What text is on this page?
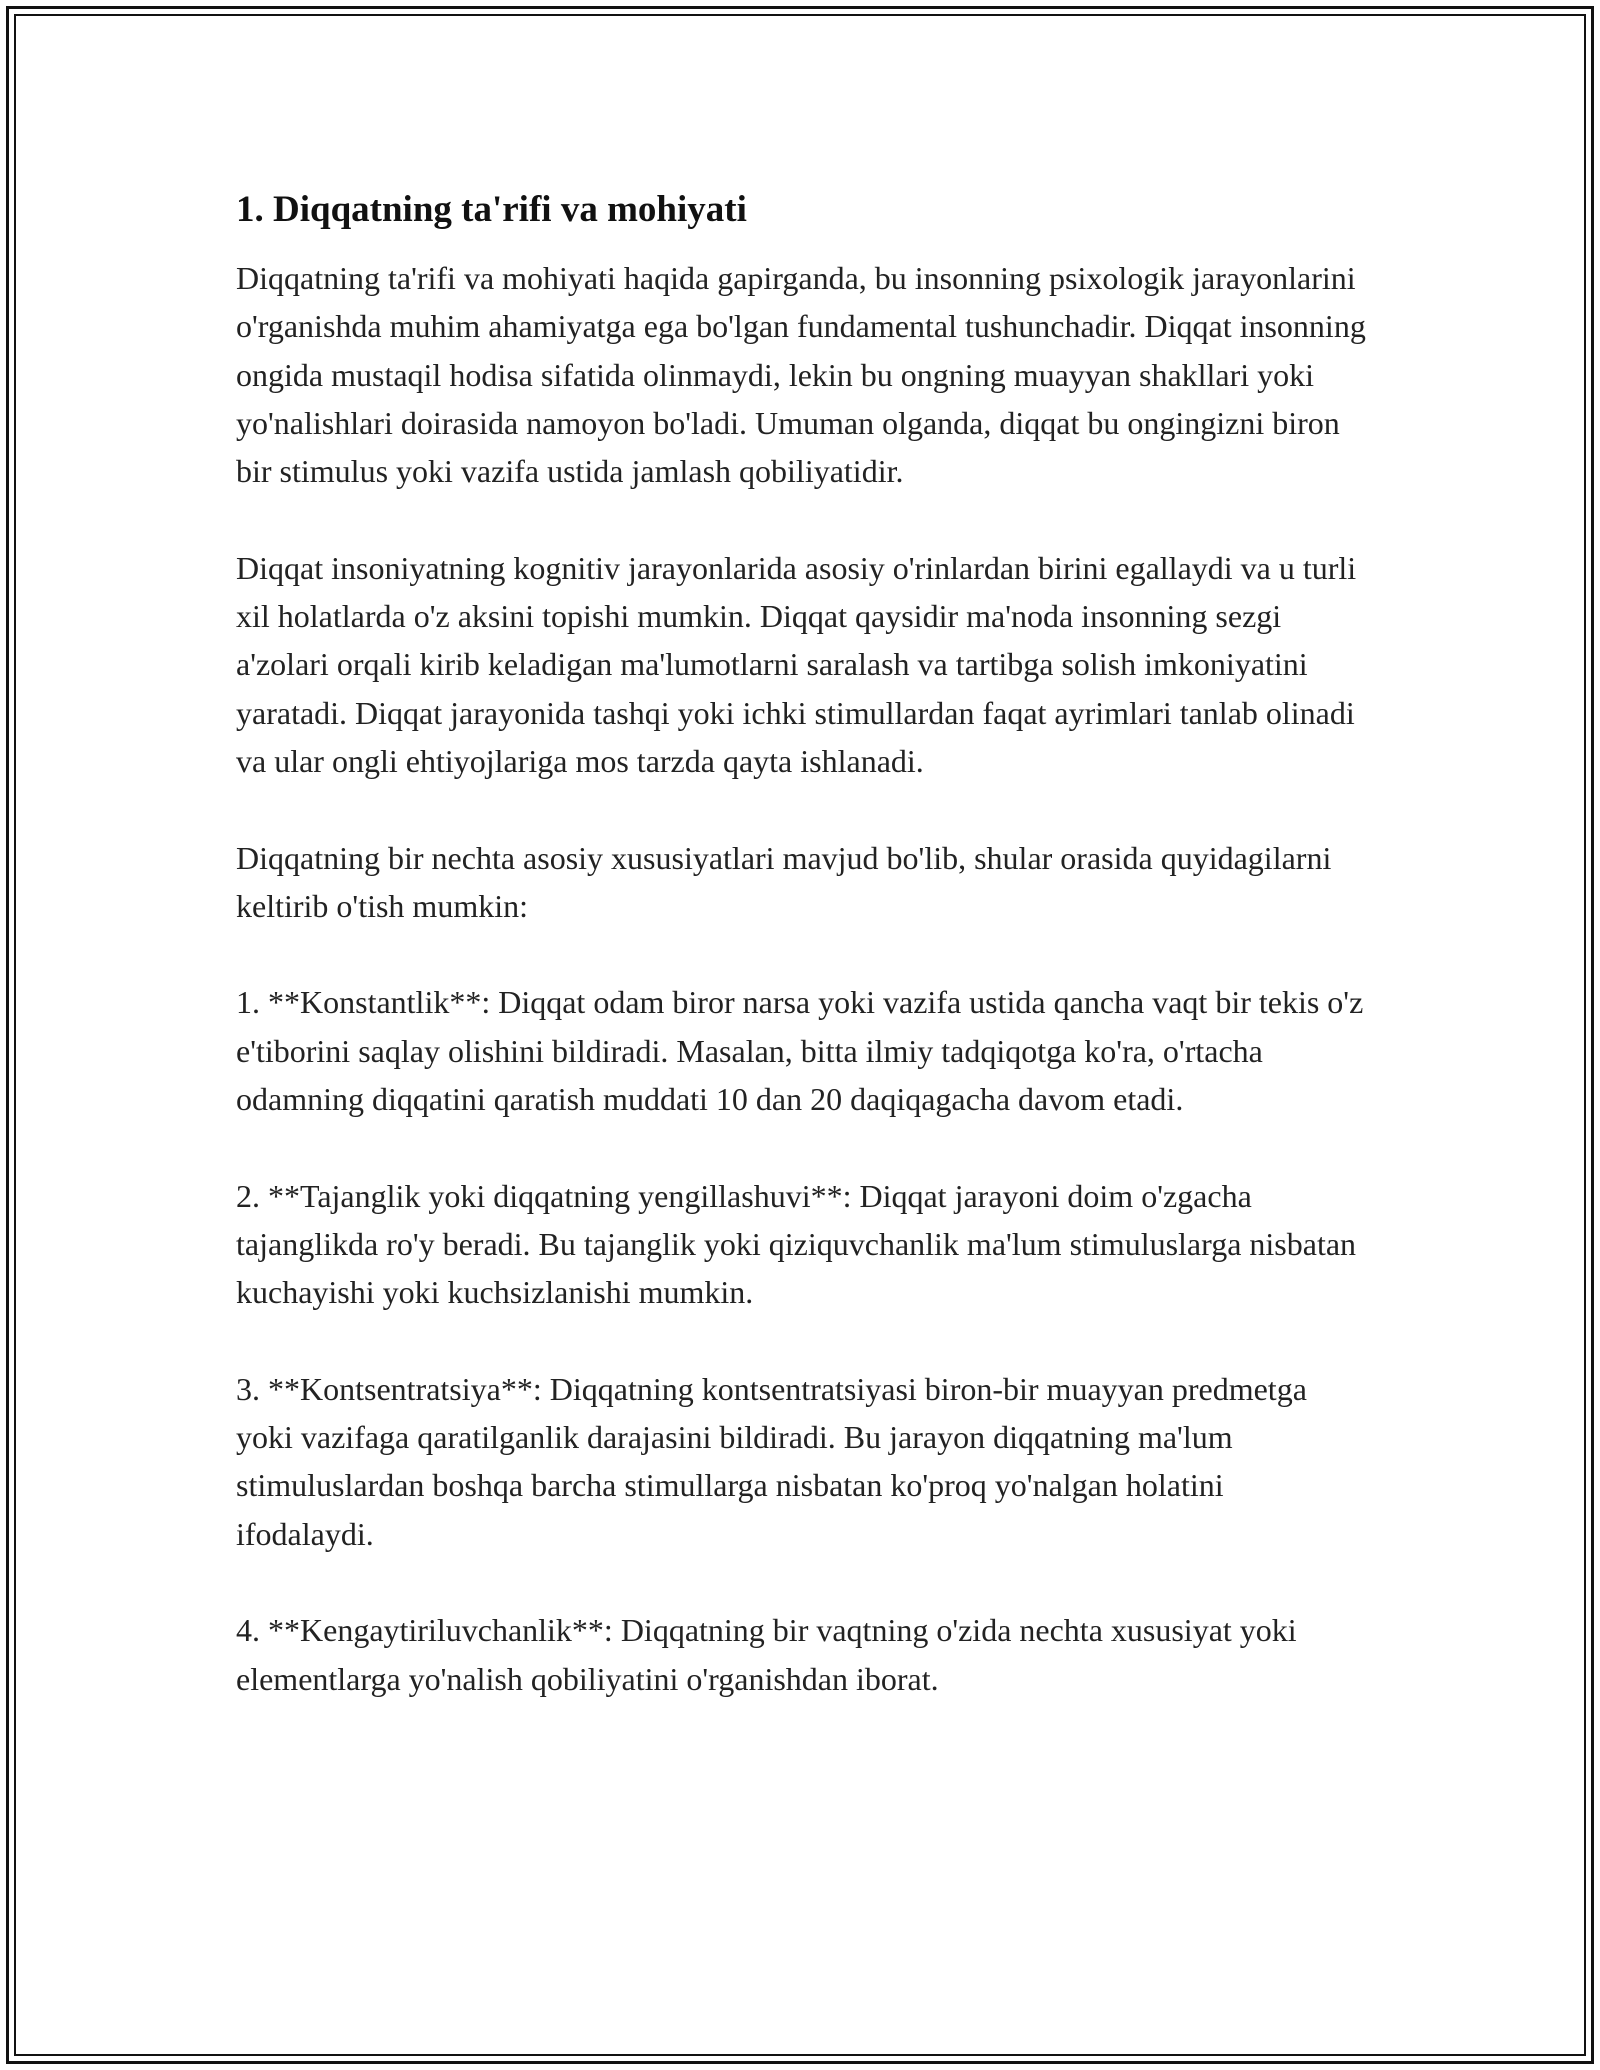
1. Diqqatning ta'rifi va mohiyati

Diqqatning ta'rifi va mohiyati haqida gapirganda, bu insonning psixologik jarayonlarini o'rganishda muhim ahamiyatga ega bo'lgan fundamental tushunchadir. Diqqat insonning ongida mustaqil hodisa sifatida olinmaydi, lekin bu ongning muayyan shakllari yoki yo'nalishlari doirasida namoyon bo'ladi. Umuman olganda, diqqat bu ongingizni biron bir stimulus yoki vazifa ustida jamlash qobiliyatidir.

Diqqat insoniyatning kognitiv jarayonlarida asosiy o'rinlardan birini egallaydi va u turli xil holatlarda o'z aksini topishi mumkin. Diqqat qaysidir ma'noda insonning sezgi a'zolari orqali kirib keladigan ma'lumotlarni saralash va tartibga solish imkoniyatini yaratadi. Diqqat jarayonida tashqi yoki ichki stimullardan faqat ayrimlari tanlab olinadi va ular ongli ehtiyojlariga mos tarzda qayta ishlanadi.

Diqqatning bir nechta asosiy xususiyatlari mavjud bo'lib, shular orasida quyidagilarni keltirib o'tish mumkin:

1. **Konstantlik**: Diqqat odam biror narsa yoki vazifa ustida qancha vaqt bir tekis o'z e'tiborini saqlay olishini bildiradi. Masalan, bitta ilmiy tadqiqotga ko'ra, o'rtacha odamning diqqatini qaratish muddati 10 dan 20 daqiqagacha davom etadi.

2. **Tajanglik yoki diqqatning yengillashuvi**: Diqqat jarayoni doim o'zgacha tajanglikda ro'y beradi. Bu tajanglik yoki qiziquvchanlik ma'lum stimuluslarga nisbatan kuchayishi yoki kuchsizlanishi mumkin.

3. **Kontsentratsiya**: Diqqatning kontsentratsiyasi biron-bir muayyan predmetga yoki vazifaga qaratilganlik darajasini bildiradi. Bu jarayon diqqatning ma'lum stimuluslardan boshqa barcha stimullarga nisbatan ko'proq yo'nalgan holatini ifodalaydi.

4. **Kengaytiriluvchanlik**: Diqqatning bir vaqtning o'zida nechta xususiyat yoki elementlarga yo'nalish qobiliyatini o'rganishdan iborat.
